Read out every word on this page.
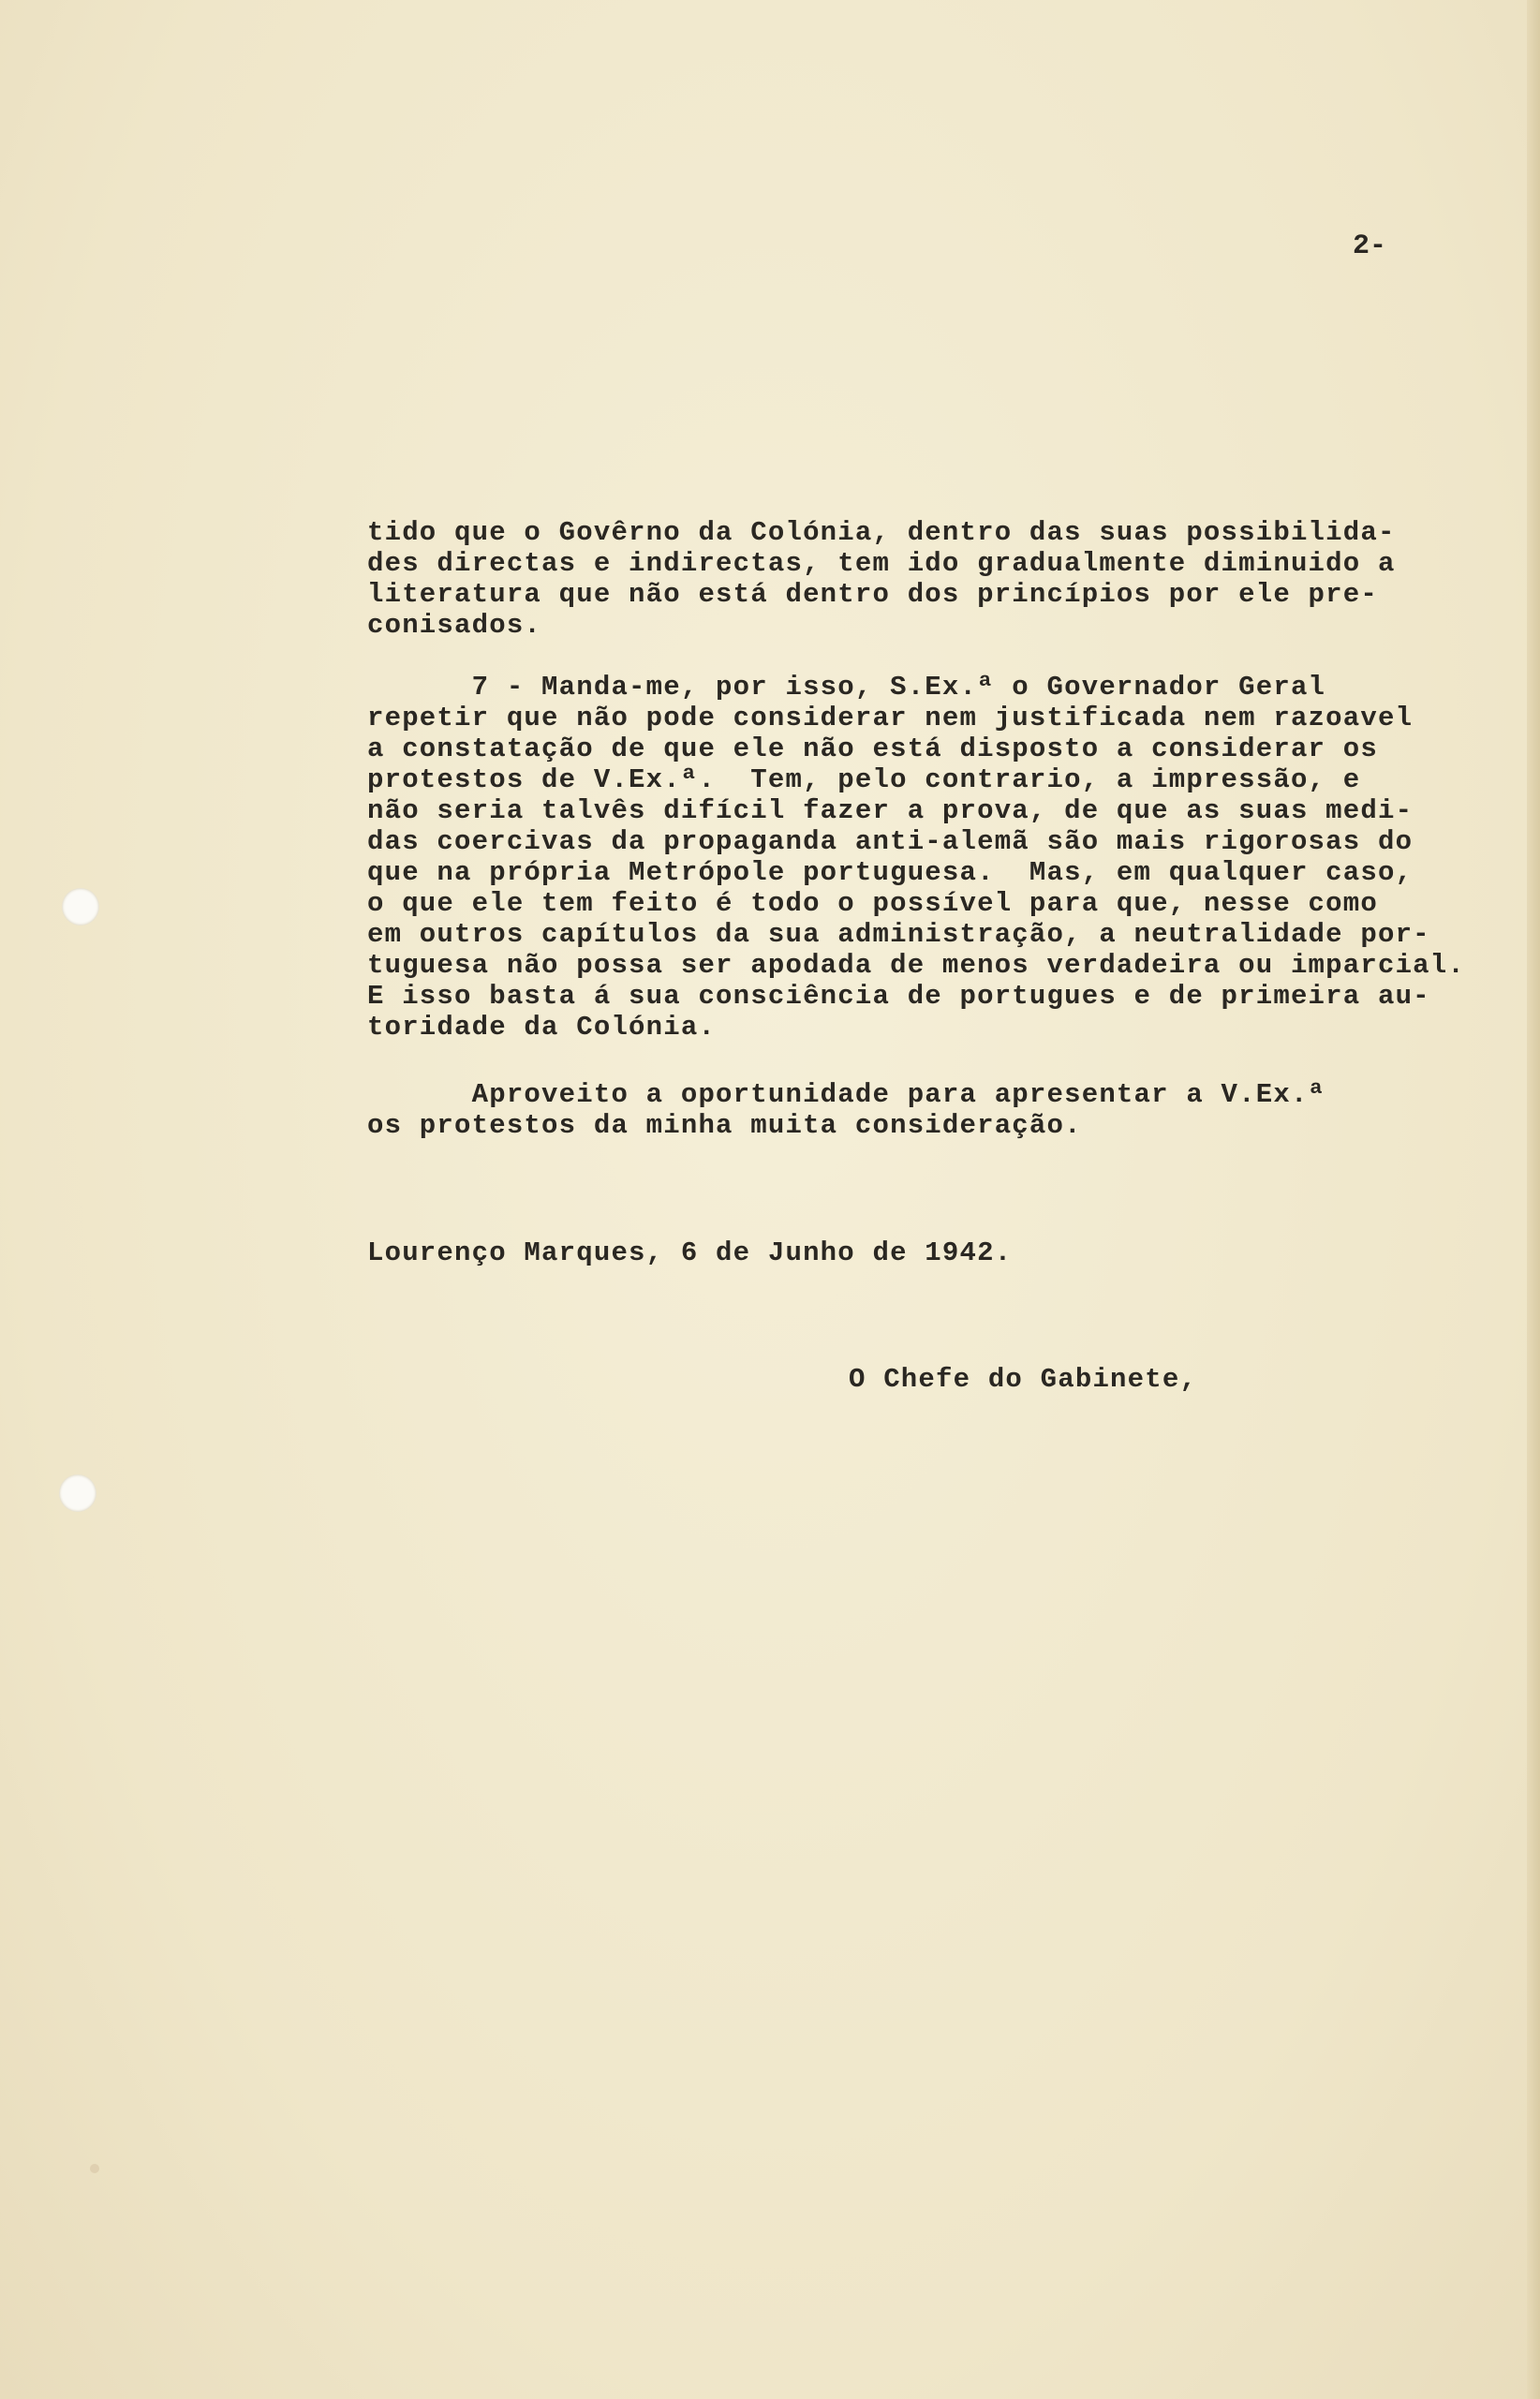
2-
tido que o Govêrno da Colónia, dentro das suas possibilida-
des directas e indirectas, tem ido gradualmente diminuido a
literatura que não está dentro dos princípios por ele pre-
conisados.
7 - Manda-me, por isso, S.Ex.ª o Governador Geral
repetir que não pode considerar nem justificada nem razoavel
a constatação de que ele não está disposto a considerar os
protestos de V.Ex.ª.  Tem, pelo contrario, a impressão, e
não seria talvês difícil fazer a prova, de que as suas medi-
das coercivas da propaganda anti-alemã são mais rigorosas do
que na própria Metrópole portuguesa.  Mas, em qualquer caso,
o que ele tem feito é todo o possível para que, nesse como
em outros capítulos da sua administração, a neutralidade por-
tuguesa não possa ser apodada de menos verdadeira ou imparcial.
E isso basta á sua consciência de portugues e de primeira au-
toridade da Colónia.
Aproveito a oportunidade para apresentar a V.Ex.ª
os protestos da minha muita consideração.
Lourenço Marques, 6 de Junho de 1942.
O Chefe do Gabinete,
